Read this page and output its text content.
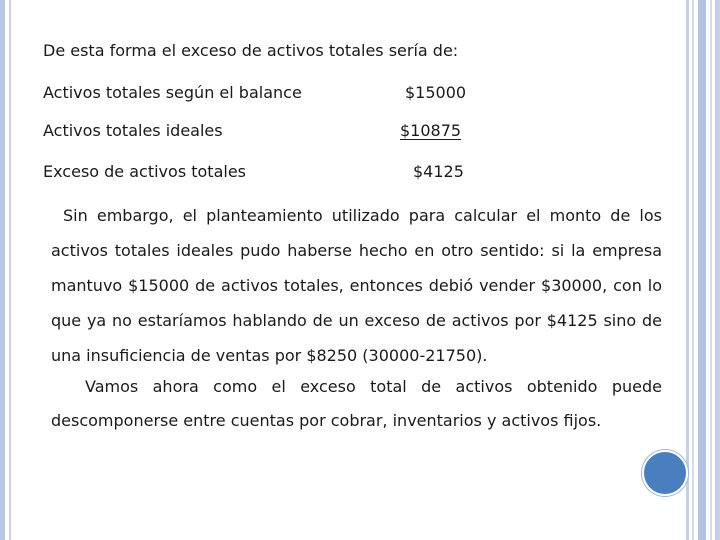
De esta forma el exceso de activos totales sería de:
Activos totales según el balance	$15000
Activos totales ideales	$10875
Exceso de activos totales	$4125
Sin embargo, el planteamiento utilizado para calcular el monto de los activos totales ideales pudo haberse hecho en otro sentido: si la empresa mantuvo $15000 de activos totales, entonces debió vender $30000, con lo que ya no estaríamos hablando de un exceso de activos por $4125 sino de una insuficiencia de ventas por $8250 (30000-21750).
Vamos ahora como el exceso total de activos obtenido puede descomponerse entre cuentas por cobrar, inventarios y activos fijos.
